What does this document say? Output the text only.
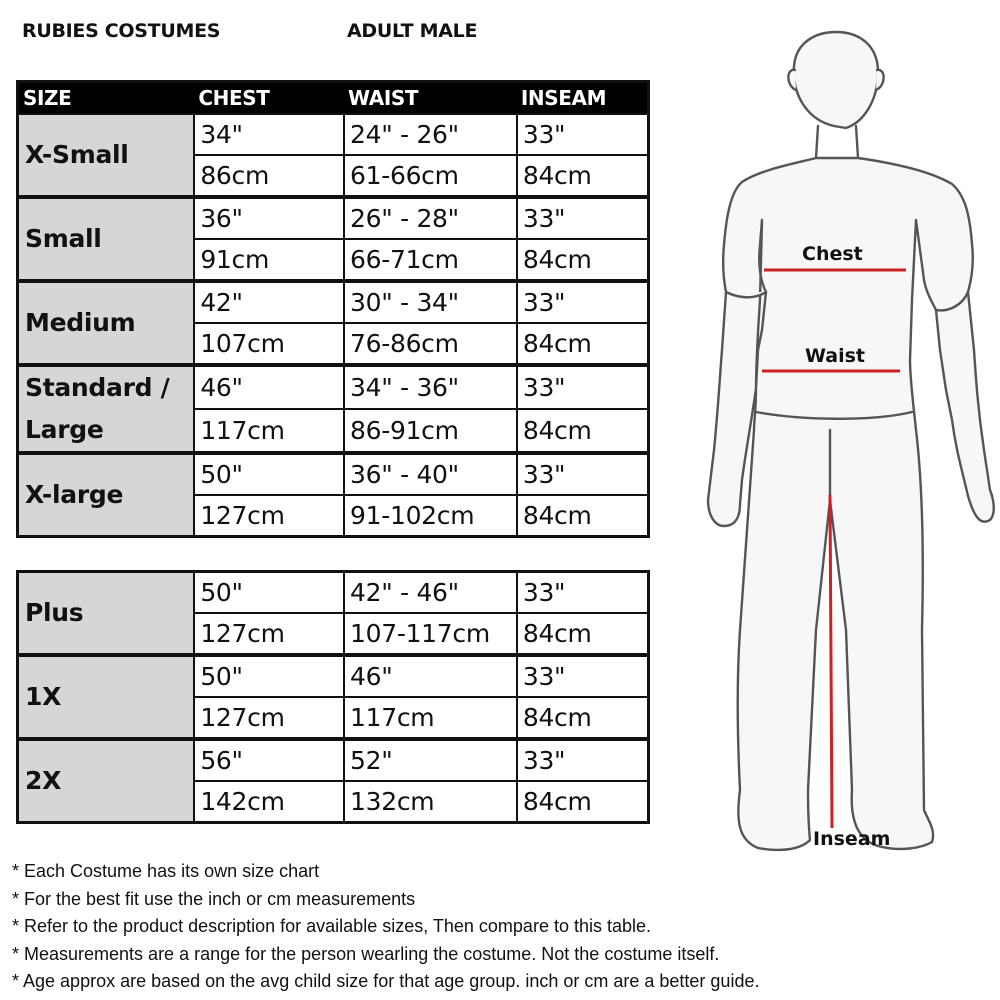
RUBIES COSTUMES	ADULT MALE
SIZE	CHEST	WAIST	INSEAM
X-Small	34"	24" - 26"	33"
	86cm	61-66cm	84cm
Small	36"	26" - 28"	33"
	91cm	66-71cm	84cm
Medium	42"	30" - 34"	33"
	107cm	76-86cm	84cm
Standard / Large	46"	34" - 36"	33"
	117cm	86-91cm	84cm
X-large	50"	36" - 40"	33"
	127cm	91-102cm	84cm
Plus	50"	42" - 46"	33"
	127cm	107-117cm	84cm
1X	50"	46"	33"
	127cm	117cm	84cm
2X	56"	52"	33"
	142cm	132cm	84cm
* Each Costume has its own size chart
* For the best fit use the inch or cm measurements
* Refer to the product description for available sizes, Then compare to this table.
* Measurements are a range for the person wearling the costume. Not the costume itself.
* Age approx are based on the avg child size for that age group. inch or cm are a better guide.
Chest
Waist
Inseam
